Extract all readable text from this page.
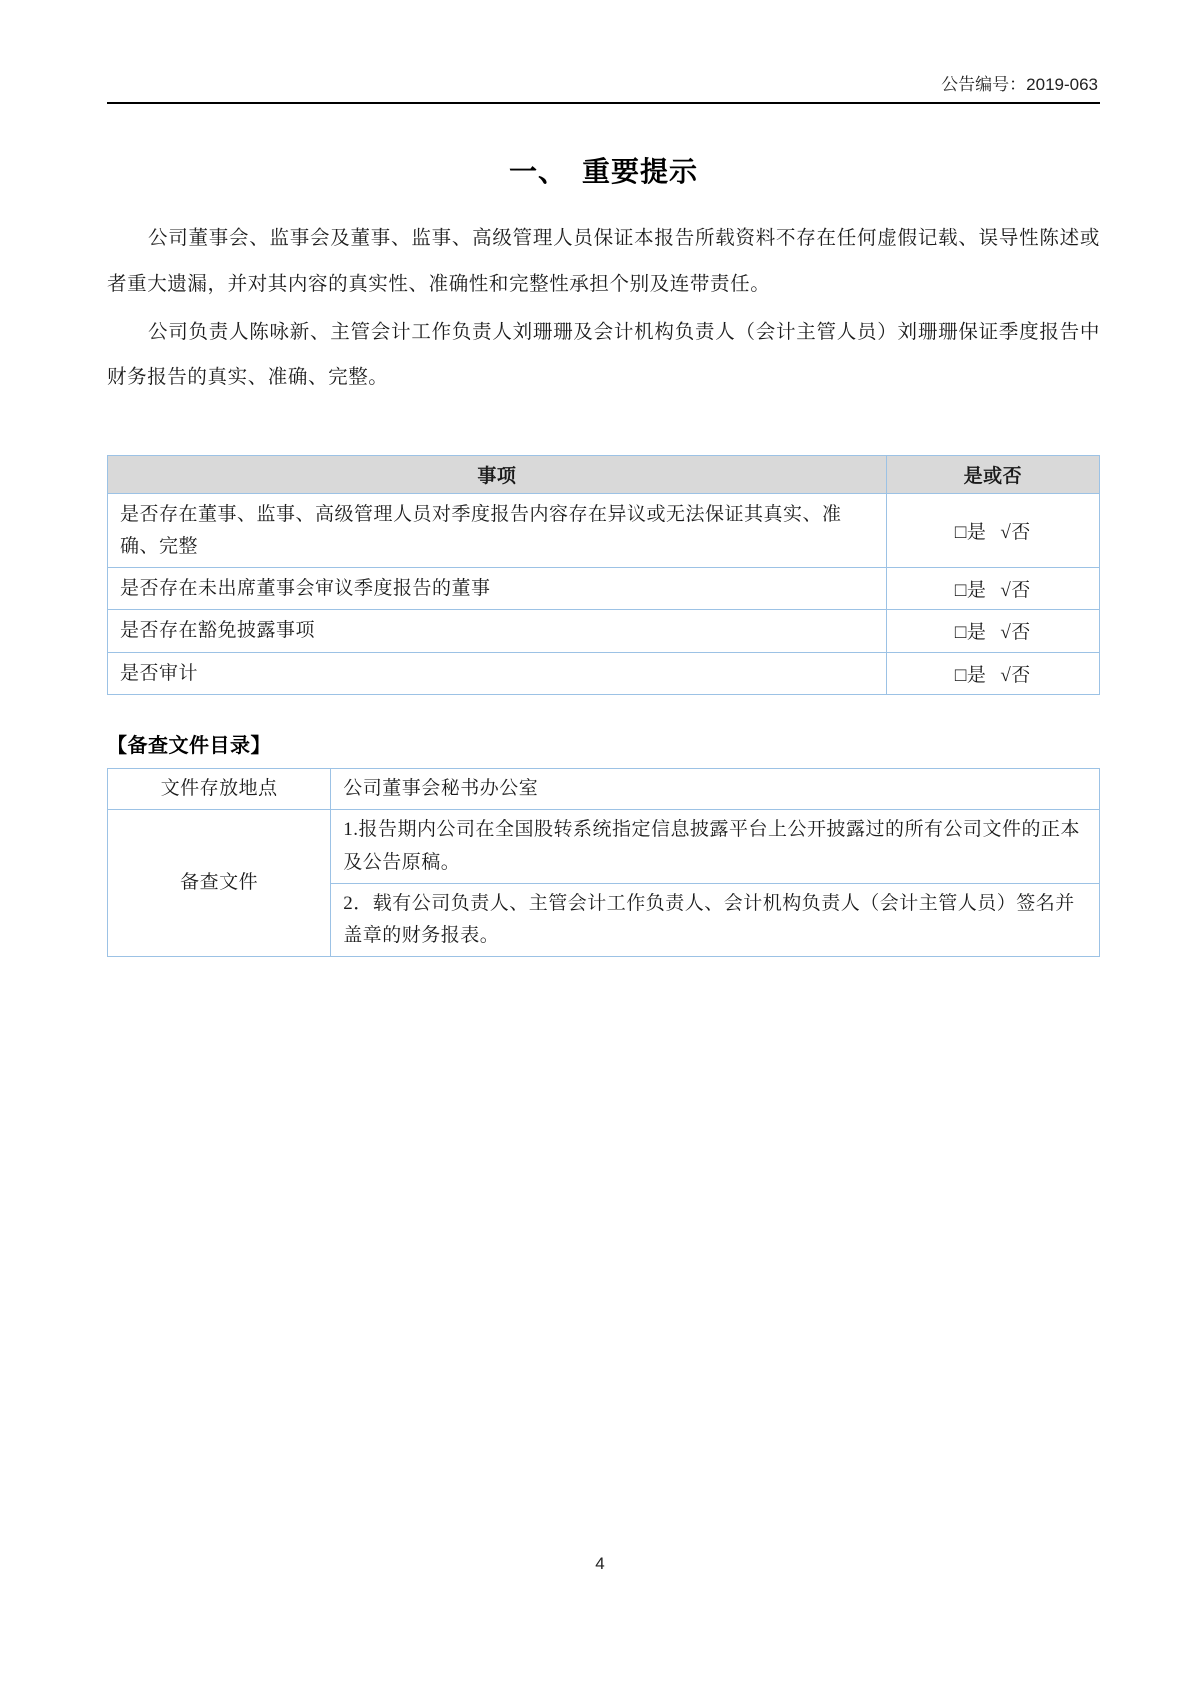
公告编号：2019-063
一、　重要提示

公司董事会、监事会及董事、监事、高级管理人员保证本报告所载资料不存在任何虚假记载、误导性陈述或者重大遗漏，并对其内容的真实性、准确性和完整性承担个别及连带责任。

公司负责人陈咏新、主管会计工作负责人刘珊珊及会计机构负责人（会计主管人员）刘珊珊保证季度报告中财务报告的真实、准确、完整。

事项	是或否
是否存在董事、监事、高级管理人员对季度报告内容存在异议或无法保证其真实、准确、完整	□是 √否
是否存在未出席董事会审议季度报告的董事	□是 √否
是否存在豁免披露事项	□是 √否
是否审计	□是 √否
【备查文件目录】
文件存放地点	公司董事会秘书办公室
备查文件	1.报告期内公司在全国股转系统指定信息披露平台上公开披露过的所有公司文件的正本及公告原稿。
	2．载有公司负责人、主管会计工作负责人、会计机构负责人（会计主管人员）签名并盖章的财务报表。
4
